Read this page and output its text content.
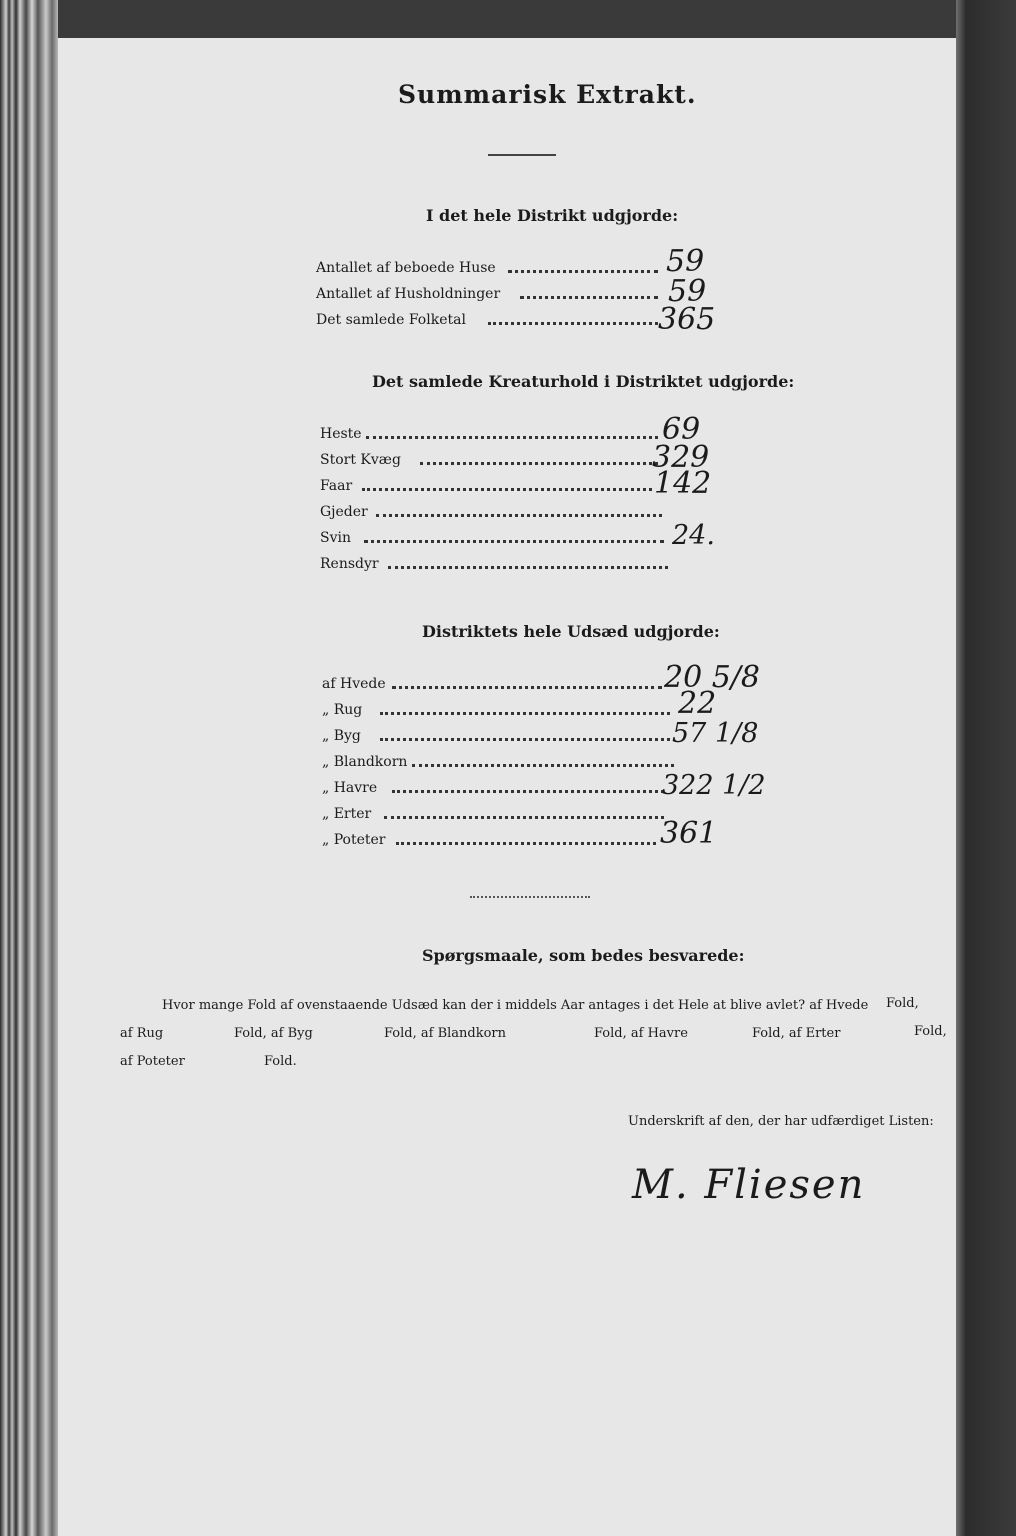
Summarisk Extrakt.
I det hele Distrikt udgjorde:
Antallet af beboede Huse	59
Antallet af Husholdninger	59
Det samlede Folketal	365
Det samlede Kreaturhold i Distriktet udgjorde:
Heste	69
Stort Kvæg	329
Faar	142
Gjeder
Svin	24.
Rensdyr
Distriktets hele Udsæd udgjorde:
af Hvede	20 5/8
„ Rug	22
„ Byg	57 1/8
„ Blandkorn
„ Havre	322 1/2
„ Erter
„ Poteter	361
Spørgsmaale, som bedes besvarede:
Hvor mange Fold af ovenstaaende Udsæd kan der i middels Aar antages i det Hele at blive avlet? af Hvede Fold,
af Rug	Fold, af Byg	Fold, af Blandkorn	Fold, af Havre	Fold, af Erter	Fold,
af Poteter	Fold.
Underskrift af den, der har udfærdiget Listen:
M. Fliesen
